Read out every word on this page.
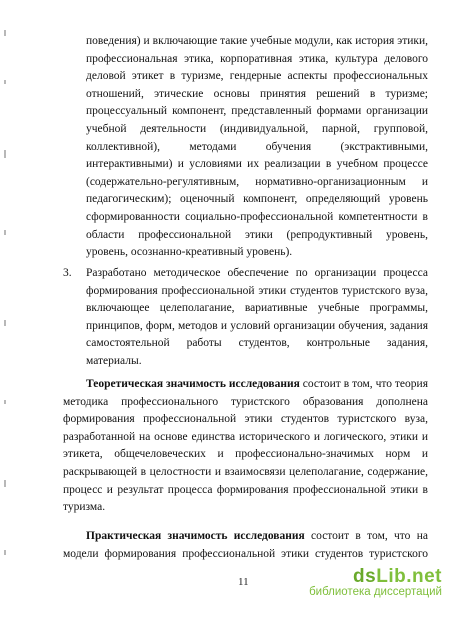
поведения) и включающие такие учебные модули, как история этики,
профессиональная этика, корпоративная этика, культура делового
деловой этикет в туризме, гендерные аспекты профессиональных
отношений, этические основы принятия решений в туризме;
процессуальный компонент, представленный формами организации
учебной деятельности (индивидуальной, парной, групповой,
коллективной), методами обучения (экстрактивными,
интерактивными) и условиями их реализации в учебном процессе
(содержательно-регулятивным, нормативно-организационным и
педагогическим); оценочный компонент, определяющий уровень
сформированности социально-профессиональной компетентности в
области профессиональной этики (репродуктивный уровень,
уровень, осознанно-креативный уровень).
3.	Разработано методическое обеспечение по организации процесса
формирования профессиональной этики студентов туристского вуза,
включающее целеполагание, вариативные учебные программы,
принципов, форм, методов и условий организации обучения, задания
самостоятельной работы студентов, контрольные задания,
материалы.
Теоретическая значимость исследования состоит в том, что теория
методика профессионального туристского образования дополнена
формирования профессиональной этики студентов туристского вуза,
разработанной на основе единства исторического и логического, этики и
этикета, общечеловеческих и профессионально-значимых норм и
раскрывающей в целостности и взаимосвязи целеполагание, содержание,
процесс и результат процесса формирования профессиональной этики в
туризма.
Практическая значимость исследования состоит в том, что на
модели формирования профессиональной этики студентов туристского
11	dsLib.net
библиотека диссертаций
